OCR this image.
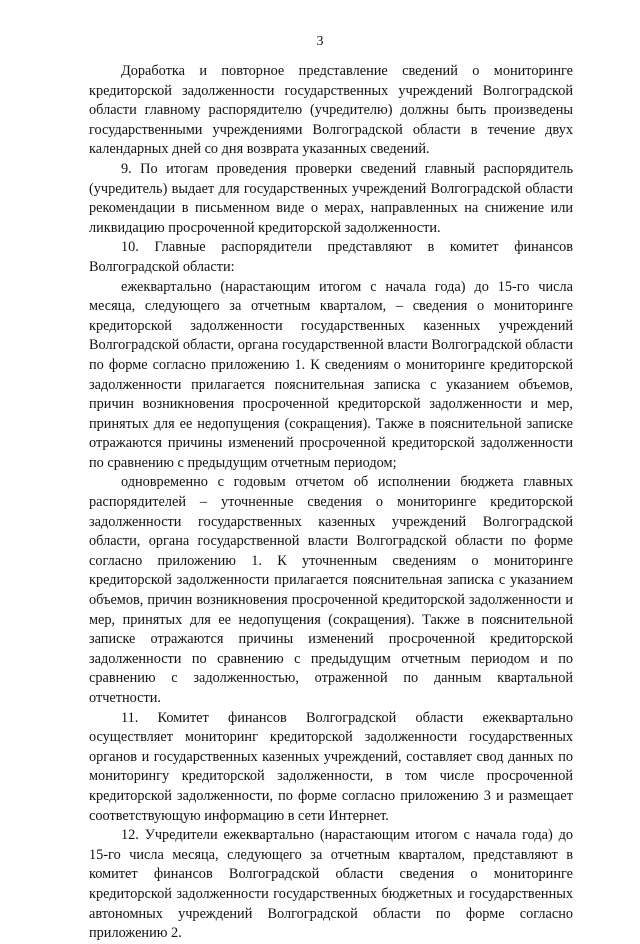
3

Доработка и повторное представление сведений о мониторинге кредиторской задолженности государственных учреждений Волгоградской области главному распорядителю (учредителю) должны быть произведены государственными учреждениями Волгоградской области в течение двух календарных дней со дня возврата указанных сведений.

9. По итогам проведения проверки сведений главный распорядитель (учредитель) выдает для государственных учреждений Волгоградской области рекомендации в письменном виде о мерах, направленных на снижение или ликвидацию просроченной кредиторской задолженности.

10. Главные распорядители представляют в комитет финансов Волгоградской области:

ежеквартально (нарастающим итогом с начала года) до 15-го числа месяца, следующего за отчетным кварталом, – сведения о мониторинге кредиторской задолженности государственных казенных учреждений Волгоградской области, органа государственной власти Волгоградской области по форме согласно приложению 1. К сведениям о мониторинге кредиторской задолженности прилагается пояснительная записка с указанием объемов, причин возникновения просроченной кредиторской задолженности и мер, принятых для ее недопущения (сокращения). Также в пояснительной записке отражаются причины изменений просроченной кредиторской задолженности по сравнению с предыдущим отчетным периодом;

одновременно с годовым отчетом об исполнении бюджета главных распорядителей – уточненные сведения о мониторинге кредиторской задолженности государственных казенных учреждений Волгоградской области, органа государственной власти Волгоградской области по форме согласно приложению 1. К уточненным сведениям о мониторинге кредиторской задолженности прилагается пояснительная записка с указанием объемов, причин возникновения просроченной кредиторской задолженности и мер, принятых для ее недопущения (сокращения). Также в пояснительной записке отражаются причины изменений просроченной кредиторской задолженности по сравнению с предыдущим отчетным периодом и по сравнению с задолженностью, отраженной по данным квартальной отчетности.

11. Комитет финансов Волгоградской области ежеквартально осуществляет мониторинг кредиторской задолженности государственных органов и государственных казенных учреждений, составляет свод данных по мониторингу кредиторской задолженности, в том числе просроченной кредиторской задолженности, по форме согласно приложению 3 и размещает соответствующую информацию в сети Интернет.

12. Учредители ежеквартально (нарастающим итогом с начала года) до 15-го числа месяца, следующего за отчетным кварталом, представляют в комитет финансов Волгоградской области сведения о мониторинге кредиторской задолженности государственных бюджетных и государственных автономных учреждений Волгоградской области по форме согласно приложению 2.
